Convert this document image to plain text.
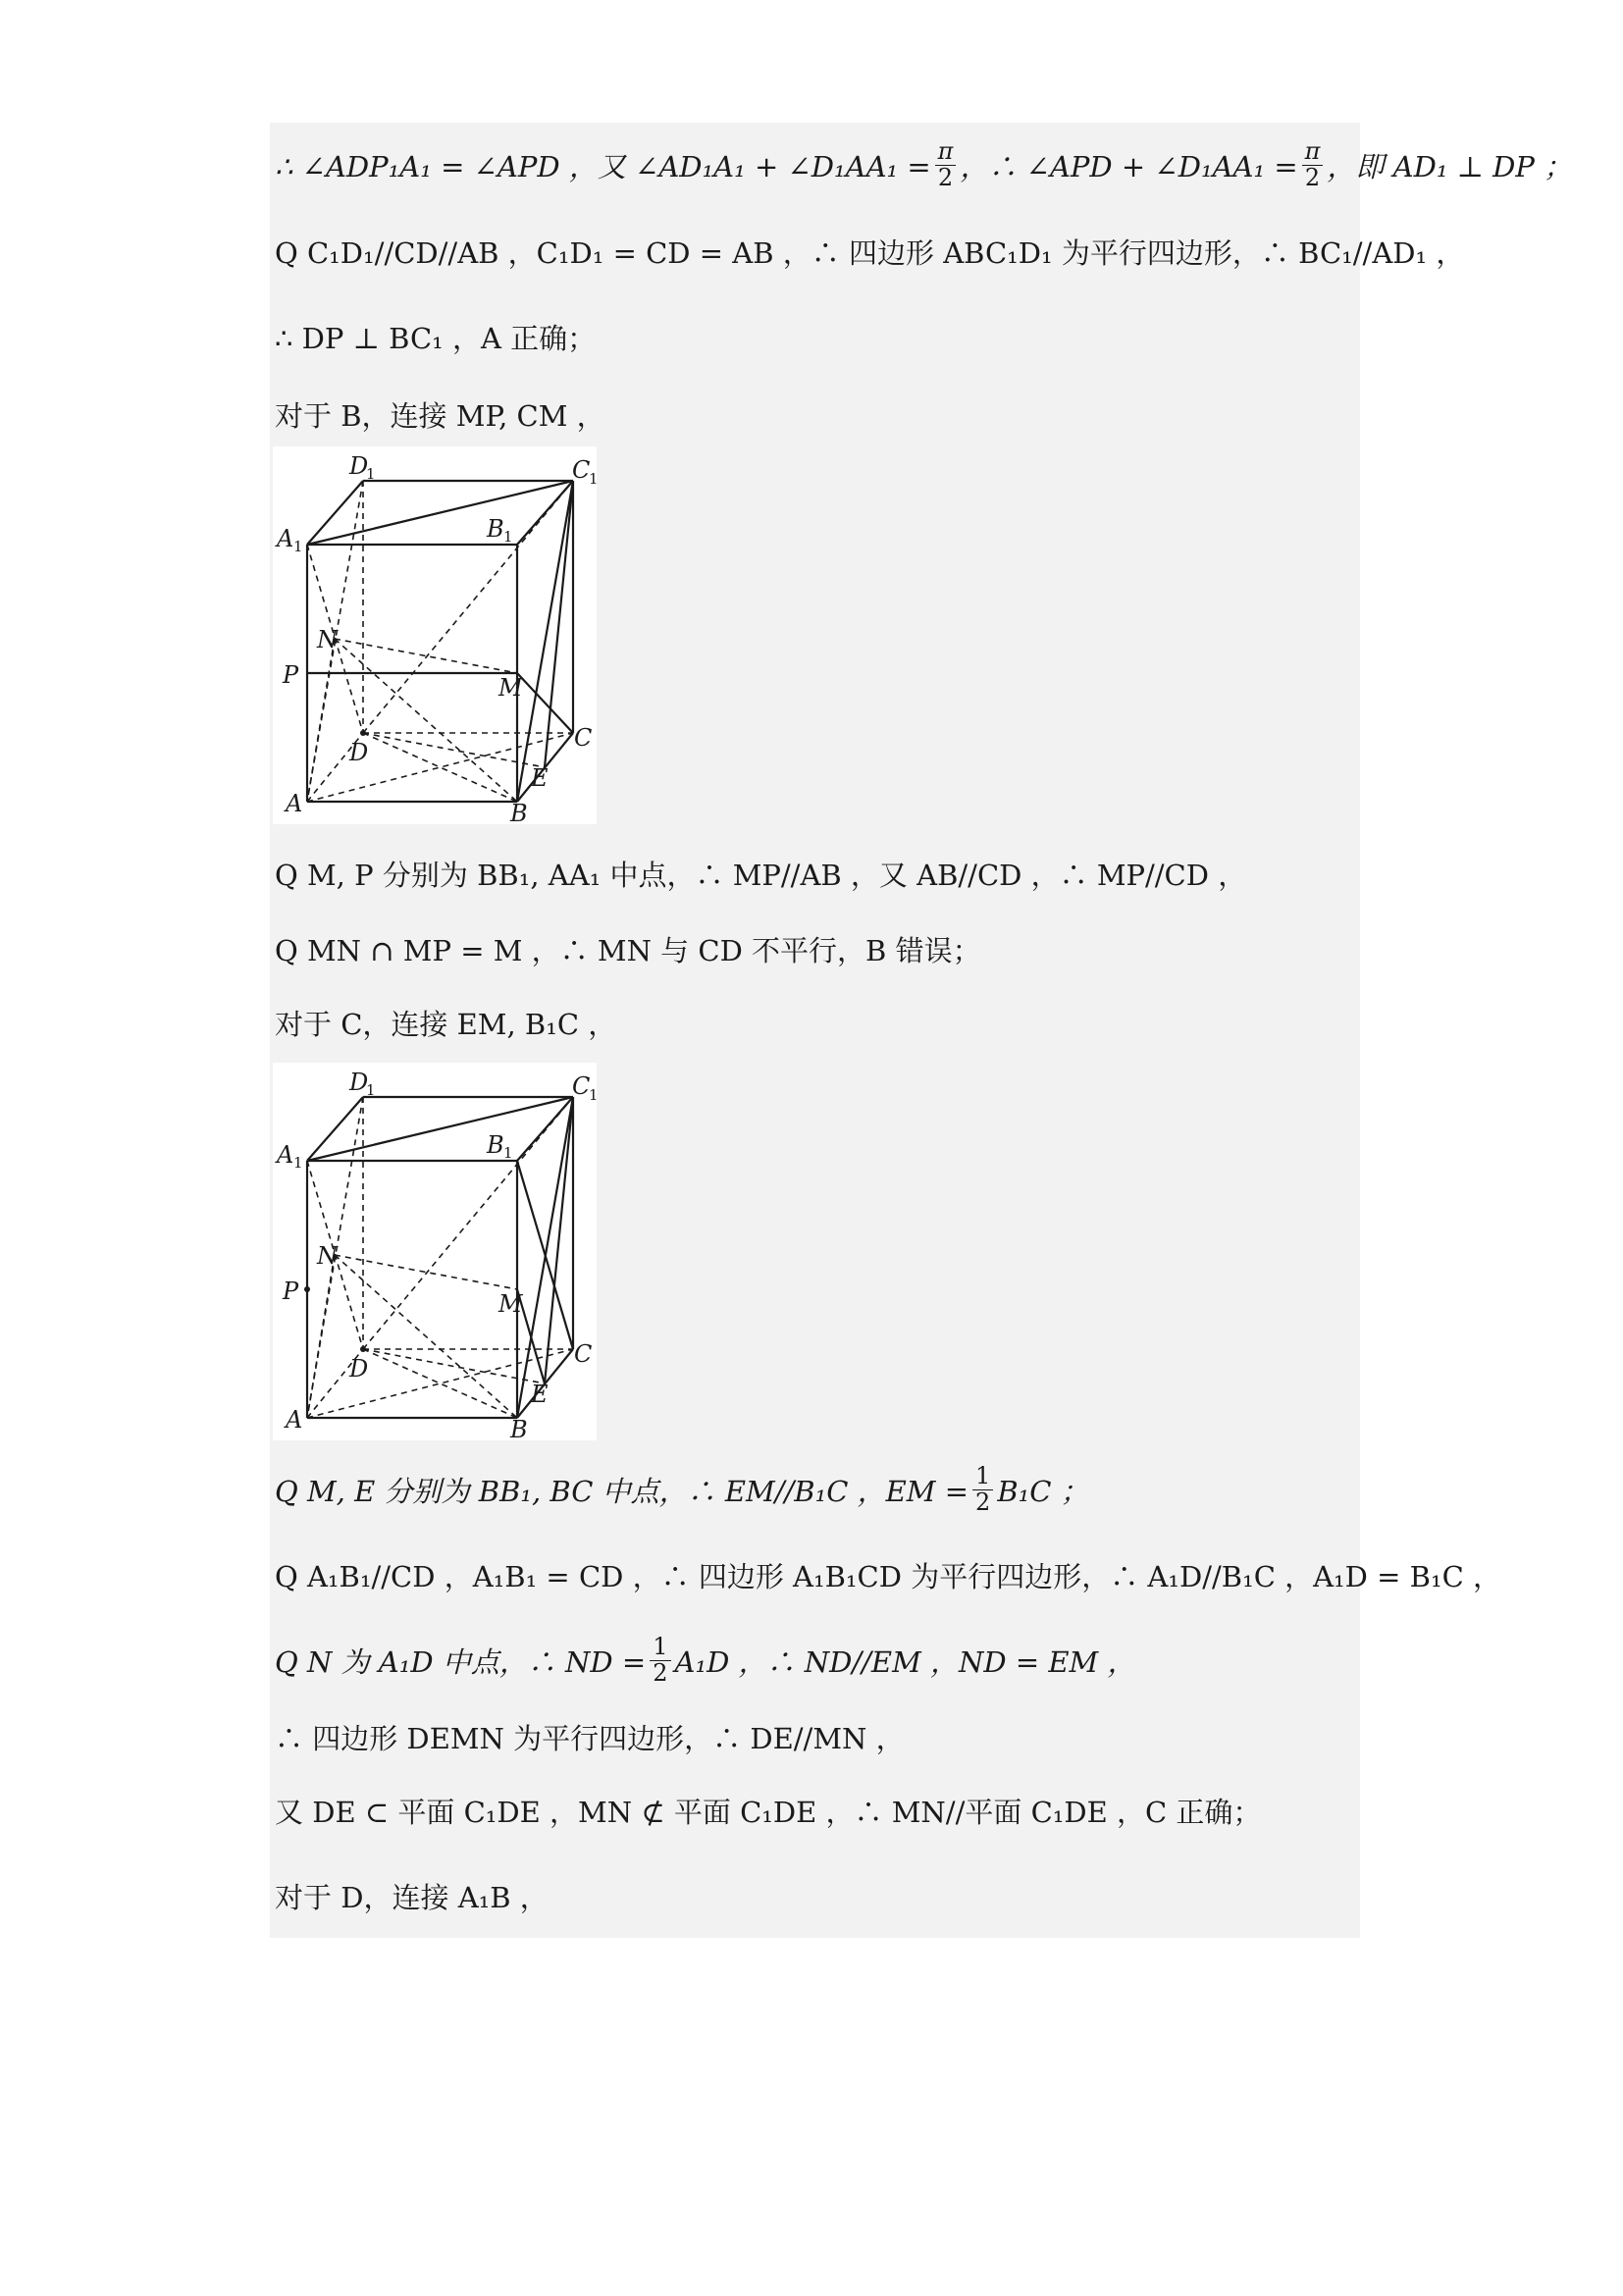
∴ ∠ADP₁A₁ = ∠APD ，又 ∠AD₁A₁ + ∠D₁AA₁ = $\frac{\pi}{2}$ ，∴ ∠APD + ∠D₁AA₁ = $\frac{\pi}{2}$ ，即 AD₁ ⊥ DP ；
Q C₁D₁//CD//AB ，C₁D₁ = CD = AB ，∴ 四边形 ABC₁D₁ 为平行四边形，∴ BC₁//AD₁ ，
∴ DP ⊥ BC₁ ，A 正确；
对于 B，连接 MP, CM ，
D
1	C
1
A 1
B 1
N
P	M
D
C
E
A	B
Q M, P 分别为 BB₁, AA₁ 中点，∴ MP//AB ，又 AB//CD ，∴ MP//CD ，
Q MN ∩ MP = M ，∴ MN 与 CD 不平行，B 错误；
对于 C，连接 EM, B₁C ，
D
1	C
1
A 1
B 1
N
P	M
D
C
E
A	B
Q M, E 分别为 BB₁, BC 中点，∴ EM//B₁C ，EM = $\frac{1}{2} B_1C$ ；
Q A₁B₁//CD ，A₁B₁ = CD ，∴ 四边形 A₁B₁CD 为平行四边形，∴ A₁D//B₁C ，A₁D = B₁C ，
Q N 为 A₁D 中点，∴ ND = $\frac{1}{2} A_1D$ ，∴ ND//EM ，ND = EM ，
∴ 四边形 DEMN 为平行四边形，∴ DE//MN ，
又 DE ⊂ 平面 C₁DE ，MN ⊄ 平面 C₁DE ，∴ MN//平面 C₁DE ，C 正确；
对于 D，连接 A₁B ，
